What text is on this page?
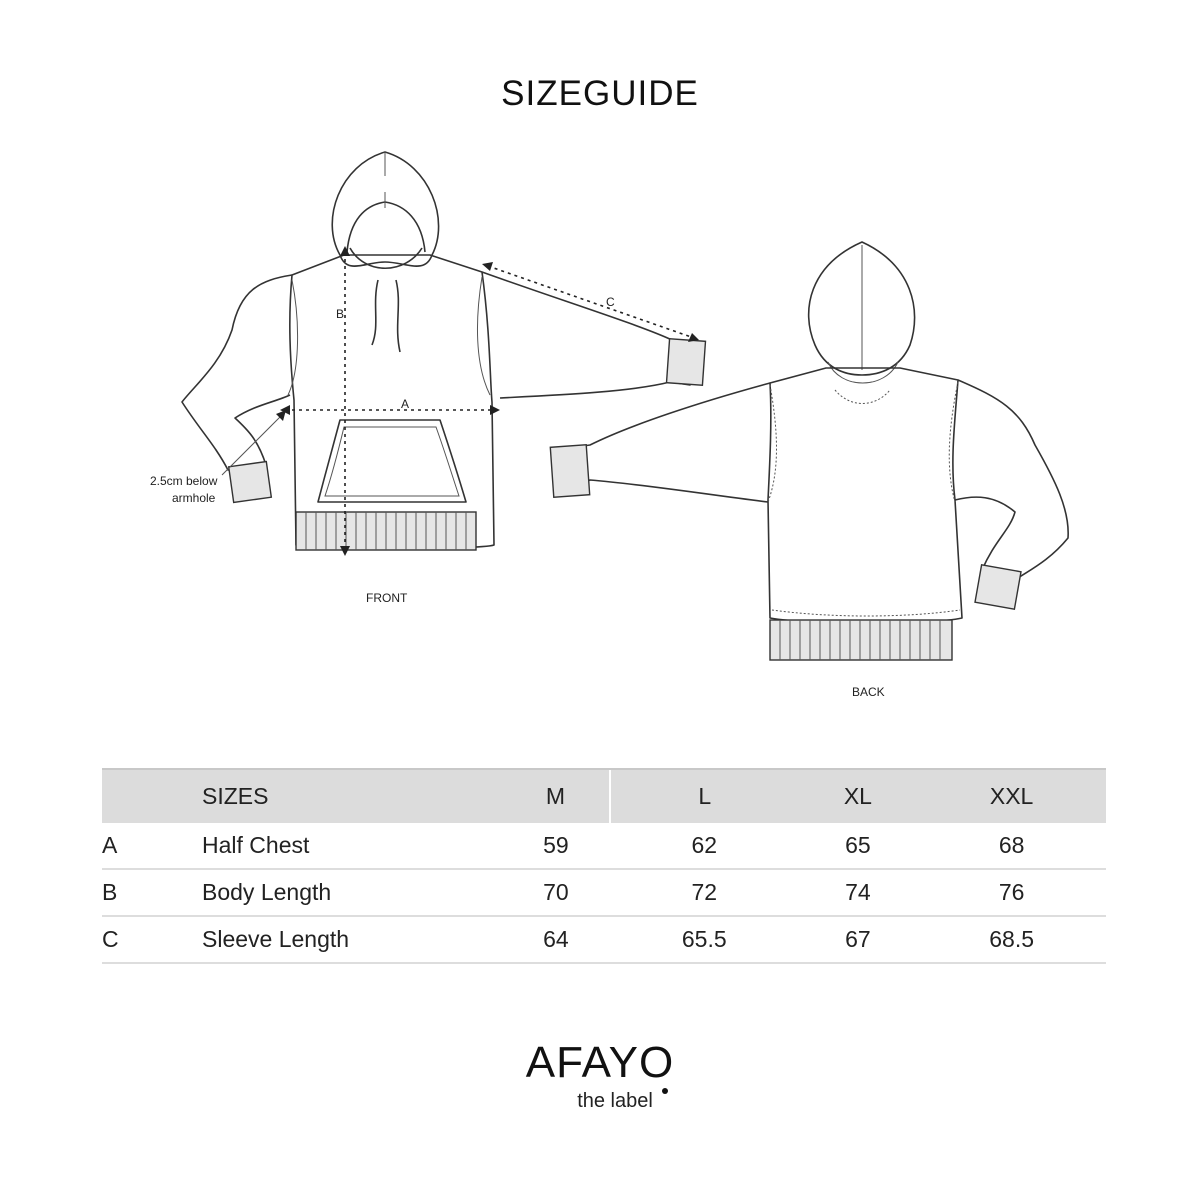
SIZEGUIDE
B
A
C
2.5cm below
armhole
FRONT
BACK
	SIZES	M	L	XL	XXL
A	Half Chest	59	62	65	68
B	Body Length	70	72	74	76
C	Sleeve Length	64	65.5	67	68.5
AFAYO
the label
